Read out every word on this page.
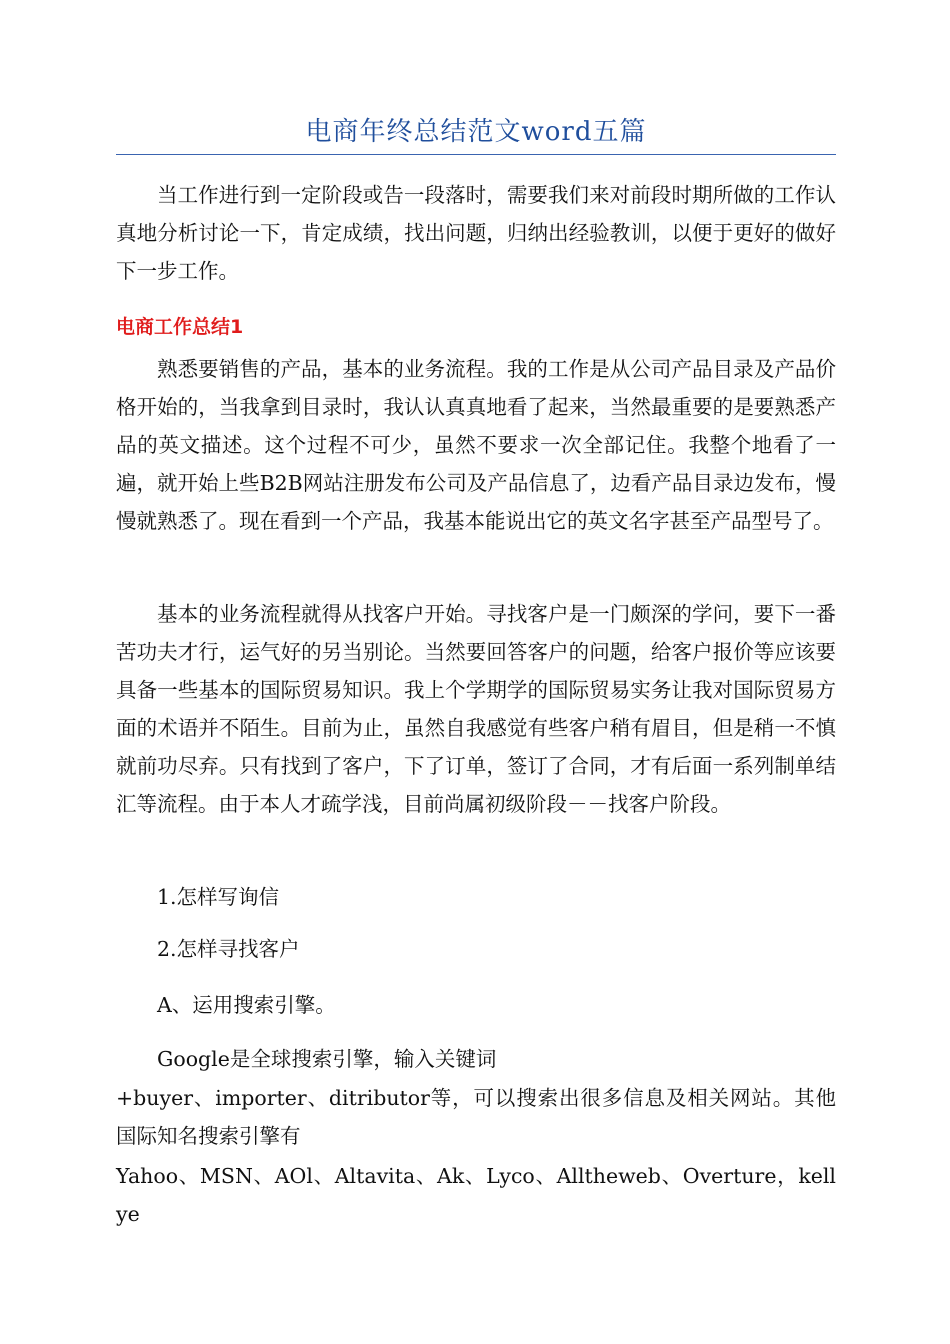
电商年终总结范文word五篇

当工作进行到一定阶段或告一段落时，需要我们来对前段时期所做的工作认真地分析讨论一下，肯定成绩，找出问题，归纳出经验教训，以便于更好的做好下一步工作。

电商工作总结1

熟悉要销售的产品，基本的业务流程。我的工作是从公司产品目录及产品价格开始的，当我拿到目录时，我认认真真地看了起来，当然最重要的是要熟悉产品的英文描述。这个过程不可少，虽然不要求一次全部记住。我整个地看了一遍，就开始上些B2B网站注册发布公司及产品信息了，边看产品目录边发布，慢慢就熟悉了。现在看到一个产品，我基本能说出它的英文名字甚至产品型号了。

基本的业务流程就得从找客户开始。寻找客户是一门颇深的学问，要下一番苦功夫才行，运气好的另当别论。当然要回答客户的问题，给客户报价等应该要具备一些基本的国际贸易知识。我上个学期学的国际贸易实务让我对国际贸易方面的术语并不陌生。目前为止，虽然自我感觉有些客户稍有眉目，但是稍一不慎就前功尽弃。只有找到了客户，下了订单，签订了合同，才有后面一系列制单结汇等流程。由于本人才疏学浅，目前尚属初级阶段－－找客户阶段。

1.怎样写询信

2.怎样寻找客户

A、运用搜索引擎。

Google是全球搜索引擎，输入关键词

+buyer、importer、ditributor等，可以搜索出很多信息及相关网站。其他国际知名搜索引擎有

Yahoo、MSN、AOl、Altavita、Ak、Lyco、Alltheweb、Overture，kellye
